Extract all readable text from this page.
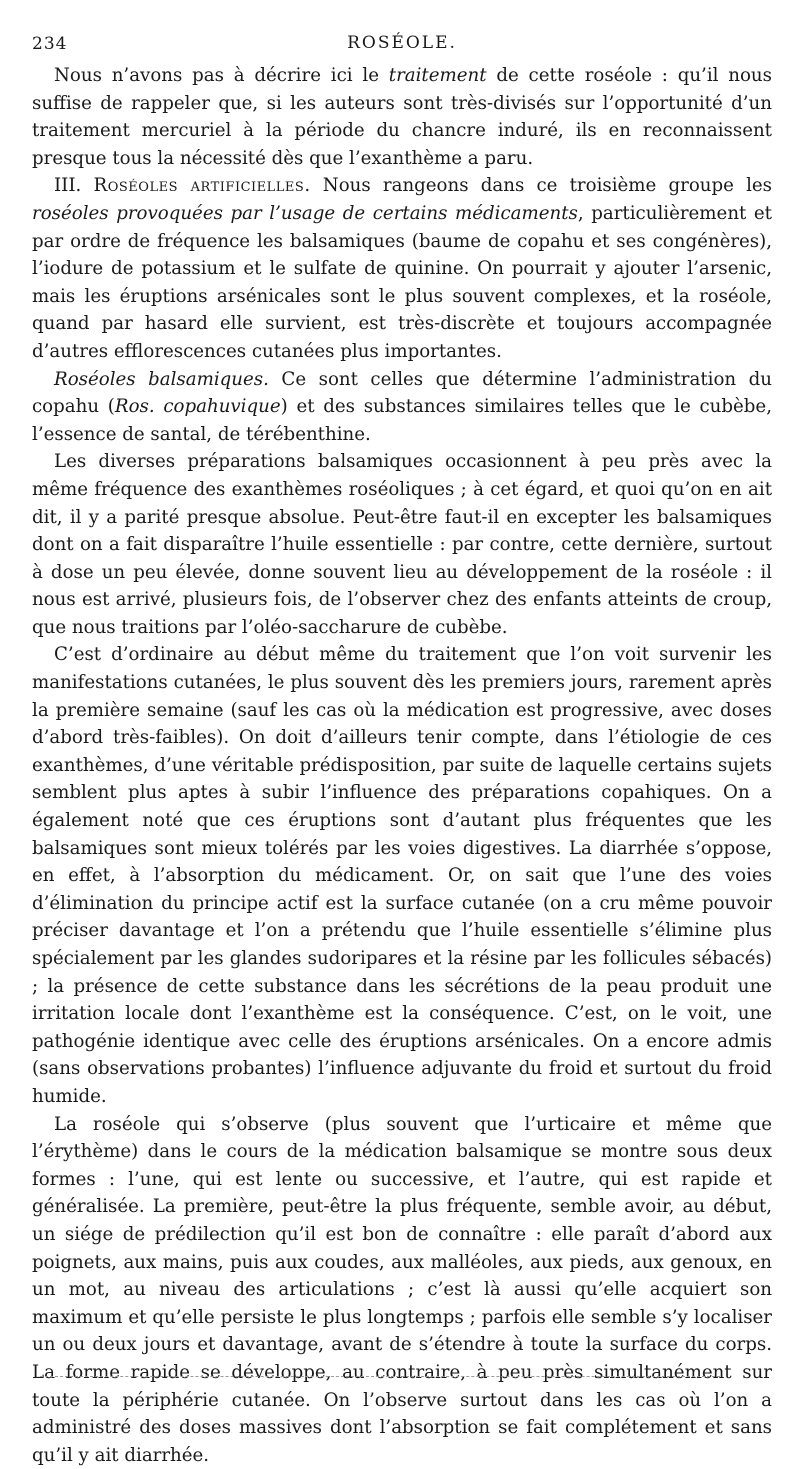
234	ROSÉOLE.

Nous n’avons pas à décrire ici le traitement de cette roséole : qu’il nous suffise de rappeler que, si les auteurs sont très-divisés sur l’opportunité d’un traitement mercuriel à la période du chancre induré, ils en reconnaissent presque tous la nécessité dès que l’exanthème a paru.

III. Roséoles artificielles. Nous rangeons dans ce troisième groupe les roséoles provoquées par l’usage de certains médicaments, particulièrement et par ordre de fréquence les balsamiques (baume de copahu et ses congénères), l’iodure de potassium et le sulfate de quinine. On pourrait y ajouter l’arsenic, mais les éruptions arsénicales sont le plus souvent complexes, et la roséole, quand par hasard elle survient, est très-discrète et toujours accompagnée d’autres efflorescences cutanées plus importantes.

Roséoles balsamiques. Ce sont celles que détermine l’administration du copahu (Ros. copahuvique) et des substances similaires telles que le cubèbe, l’essence de santal, de térébenthine.

Les diverses préparations balsamiques occasionnent à peu près avec la même fréquence des exanthèmes roséoliques ; à cet égard, et quoi qu’on en ait dit, il y a parité presque absolue. Peut-être faut-il en excepter les balsamiques dont on a fait disparaître l’huile essentielle : par contre, cette dernière, surtout à dose un peu élevée, donne souvent lieu au développement de la roséole : il nous est arrivé, plusieurs fois, de l’observer chez des enfants atteints de croup, que nous traitions par l’oléo-saccharure de cubèbe.

C’est d’ordinaire au début même du traitement que l’on voit survenir les manifestations cutanées, le plus souvent dès les premiers jours, rarement après la première semaine (sauf les cas où la médication est progressive, avec doses d’abord très-faibles). On doit d’ailleurs tenir compte, dans l’étiologie de ces exanthèmes, d’une véritable prédisposition, par suite de laquelle certains sujets semblent plus aptes à subir l’influence des préparations copahiques. On a également noté que ces éruptions sont d’autant plus fréquentes que les balsamiques sont mieux tolérés par les voies digestives. La diarrhée s’oppose, en effet, à l’absorption du médicament. Or, on sait que l’une des voies d’élimination du principe actif est la surface cutanée (on a cru même pouvoir préciser davantage et l’on a prétendu que l’huile essentielle s’élimine plus spécialement par les glandes sudoripares et la résine par les follicules sébacés) ; la présence de cette substance dans les sécrétions de la peau produit une irritation locale dont l’exanthème est la conséquence. C’est, on le voit, une pathogénie identique avec celle des éruptions arsénicales. On a encore admis (sans observations probantes) l’influence adjuvante du froid et surtout du froid humide.

La roséole qui s’observe (plus souvent que l’urticaire et même que l’érythème) dans le cours de la médication balsamique se montre sous deux formes : l’une, qui est lente ou successive, et l’autre, qui est rapide et généralisée. La première, peut-être la plus fréquente, semble avoir, au début, un siége de prédilection qu’il est bon de connaître : elle paraît d’abord aux poignets, aux mains, puis aux coudes, aux malléoles, aux pieds, aux genoux, en un mot, au niveau des articulations ; c’est là aussi qu’elle acquiert son maximum et qu’elle persiste le plus longtemps ; parfois elle semble s’y localiser un ou deux jours et davantage, avant de s’étendre à toute la surface du corps. La forme rapide se développe, au contraire, à peu près simultanément sur toute la périphérie cutanée. On l’observe surtout dans les cas où l’on a administré des doses massives dont l’absorption se fait complétement et sans qu’il y ait diarrhée.
